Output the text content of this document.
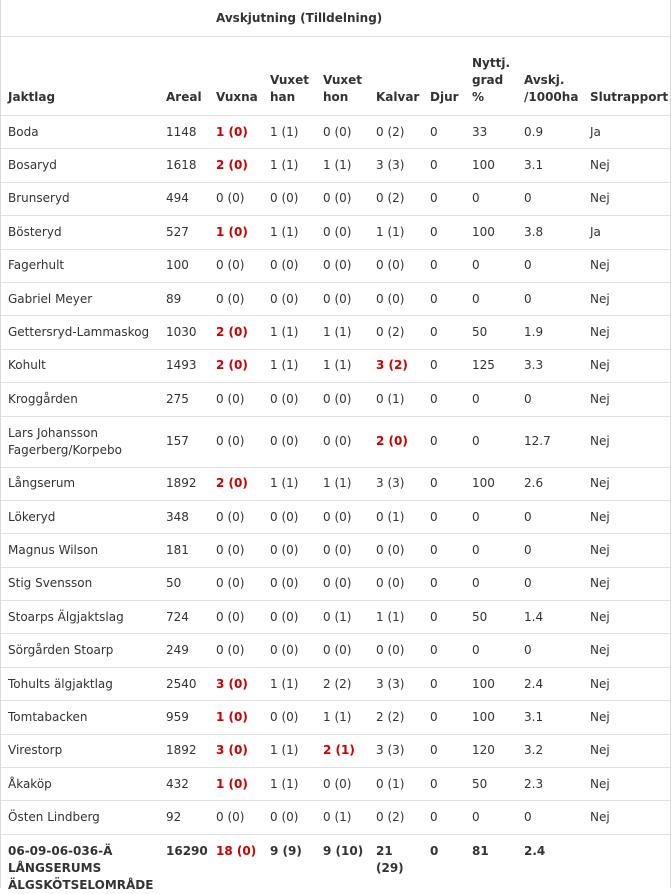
		Avskjutning (Tilldelning)							
Jaktlag	Areal	Vuxna	Vuxet han	Vuxet hon	Kalvar	Djur	Nyttj. grad %	Avskj. /1000ha	Slutrapport
Boda	1148	1 (0)	1 (1)	0 (0)	0 (2)	0	33	0.9	Ja
Bosaryd	1618	2 (0)	1 (1)	1 (1)	3 (3)	0	100	3.1	Nej
Brunseryd	494	0 (0)	0 (0)	0 (0)	0 (2)	0	0	0	Nej
Bösteryd	527	1 (0)	1 (1)	0 (0)	1 (1)	0	100	3.8	Ja
Fagerhult	100	0 (0)	0 (0)	0 (0)	0 (0)	0	0	0	Nej
Gabriel Meyer	89	0 (0)	0 (0)	0 (0)	0 (0)	0	0	0	Nej
Gettersryd-Lammaskog	1030	2 (0)	1 (1)	1 (1)	0 (2)	0	50	1.9	Nej
Kohult	1493	2 (0)	1 (1)	1 (1)	3 (2)	0	125	3.3	Nej
Kroggården	275	0 (0)	0 (0)	0 (0)	0 (1)	0	0	0	Nej
Lars Johansson Fagerberg/Korpebo	157	0 (0)	0 (0)	0 (0)	2 (0)	0	0	12.7	Nej
Långserum	1892	2 (0)	1 (1)	1 (1)	3 (3)	0	100	2.6	Nej
Lökeryd	348	0 (0)	0 (0)	0 (0)	0 (1)	0	0	0	Nej
Magnus Wilson	181	0 (0)	0 (0)	0 (0)	0 (0)	0	0	0	Nej
Stig Svensson	50	0 (0)	0 (0)	0 (0)	0 (0)	0	0	0	Nej
Stoarps Älgjaktslag	724	0 (0)	0 (0)	0 (1)	1 (1)	0	50	1.4	Nej
Sörgården Stoarp	249	0 (0)	0 (0)	0 (0)	0 (0)	0	0	0	Nej
Tohults älgjaktlag	2540	3 (0)	1 (1)	2 (2)	3 (3)	0	100	2.4	Nej
Tomtabacken	959	1 (0)	0 (0)	1 (1)	2 (2)	0	100	3.1	Nej
Virestorp	1892	3 (0)	1 (1)	2 (1)	3 (3)	0	120	3.2	Nej
Åkaköp	432	1 (0)	1 (1)	0 (0)	0 (1)	0	50	2.3	Nej
Östen Lindberg	92	0 (0)	0 (0)	0 (1)	0 (2)	0	0	0	Nej
06-09-06-036-Ä LÅNGSERUMS ÄLGSKÖTSELOMRÅDE	16290	18 (0)	9 (9)	9 (10)	21 (29)	0	81	2.4	
